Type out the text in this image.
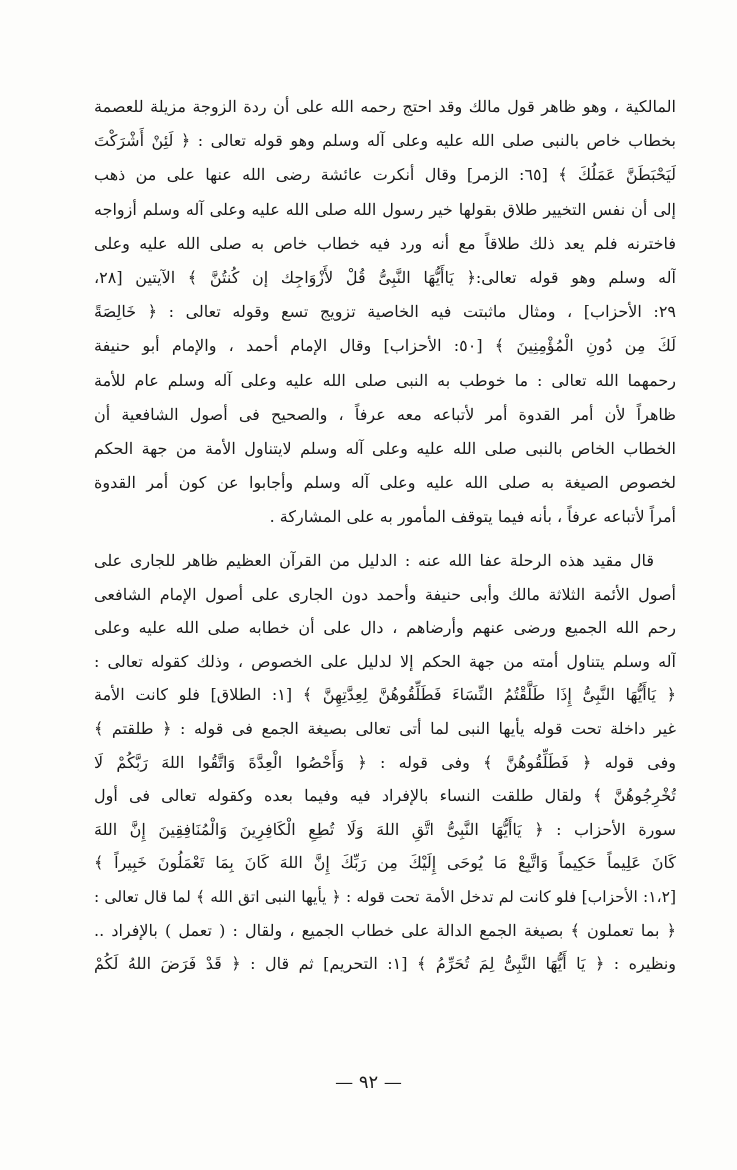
المالكية ، وهو ظاهر قول مالك وقد احتج رحمه الله على أن ردة الزوجة مزيلة للعصمة
بخطاب خاص بالنبى صلى الله عليه وعلى آله وسلم وهو قوله تعالى : ﴿ لَئِنْ أَشْرَكْتَ
لَيَحْبَطَنَّ عَمَلُكَ ﴾ [٦٥: الزمر] وقال أنكرت عائشة رضى الله عنها على من ذهب
إلى أن نفس التخيير طلاق بقولها خير رسول الله صلى الله عليه وعلى آله وسلم أزواجه
فاخترنه فلم يعد ذلك طلاقاً مع أنه ورد فيه خطاب خاص به صلى الله عليه وعلى
آله وسلم وهو قوله تعالى:﴿ يَاأَيُّهَا النَّبِىُّ قُلْ لأَزْوَاجِك إن كُنتُنَّ ﴾ الآيتين [٢٨،
٢٩: الأحزاب] ، ومثال ماثبتت فيه الخاصية تزويج تسع وقوله تعالى : ﴿ خَالِصَةً
لَكَ مِن دُونِ الْمُؤْمِنِينَ ﴾ [٥٠: الأحزاب] وقال الإمام أحمد ، والإمام أبو حنيفة
رحمهما الله تعالى : ما خوطب به النبى صلى الله عليه وعلى آله وسلم عام للأمة
ظاهراً لأن أمر القدوة أمر لأتباعه معه عرفاً ، والصحيح فى أصول الشافعية أن
الخطاب الخاص بالنبى صلى الله عليه وعلى آله وسلم لايتناول الأمة من جهة الحكم
لخصوص الصيغة به صلى الله عليه وعلى آله وسلم وأجابوا عن كون أمر القدوة
أمراً لأتباعه عرفاً ، بأنه فيما يتوقف المأمور به على المشاركة .
قال مقيد هذه الرحلة عفا الله عنه : الدليل من القرآن العظيم ظاهر للجارى على
أصول الأئمة الثلاثة مالك وأبى حنيفة وأحمد دون الجارى على أصول الإمام الشافعى
رحم الله الجميع ورضى عنهم وأرضاهم ، دال على أن خطابه صلى الله عليه وعلى
آله وسلم يتناول أمته من جهة الحكم إلا لدليل على الخصوص ، وذلك كقوله تعالى :
﴿ يَاأَيُّهَا النَّبِىُّ إِذَا طَلَّقْتُمُ النِّسَاءَ فَطَلِّقُوهُنَّ لِعِدَّتِهِنَّ ﴾ [١: الطلاق] فلو كانت الأمة
غير داخلة تحت قوله يأيها النبى لما أتى تعالى بصيغة الجمع فى قوله : ﴿ طلقتم ﴾
وفى قوله ﴿ فَطَلِّقُوهُنَّ ﴾ وفى قوله : ﴿ وَأَحْصُوا الْعِدَّةَ وَاتَّقُوا اللهَ رَبَّكُمْ لَا
تُخْرِجُوهُنَّ ﴾ ولقال طلقت النساء بالإفراد فيه وفيما بعده وكقوله تعالى فى أول
سورة الأحزاب : ﴿ يَاأَيُّهَا النَّبِىُّ اتَّقِ اللهَ وَلَا تُطِعِ الْكَافِرِينَ وَالْمُنَافِقِينَ إِنَّ اللهَ
كَانَ عَلِيماً حَكِيماً وَاتَّبِعْ مَا يُوحَى إِلَيْكَ مِن رَبِّكَ إِنَّ اللهَ كَانَ بِمَا تَعْمَلُونَ خَبِيراً ﴾
[١،٢: الأحزاب] فلو كانت لم تدخل الأمة تحت قوله : ﴿ يأيها النبى اتق الله ﴾ لما قال تعالى :
﴿ بما تعملون ﴾ بصيغة الجمع الدالة على خطاب الجميع ، ولقال : ( تعمل ) بالإفراد ..
ونظيره : ﴿ يَا أَيُّهَا النَّبِىُّ لِمَ تُحَرِّمُ ﴾ [١: التحريم] ثم قال : ﴿ قَدْ فَرَضَ اللهُ لَكُمْ
— ٩٢ —
